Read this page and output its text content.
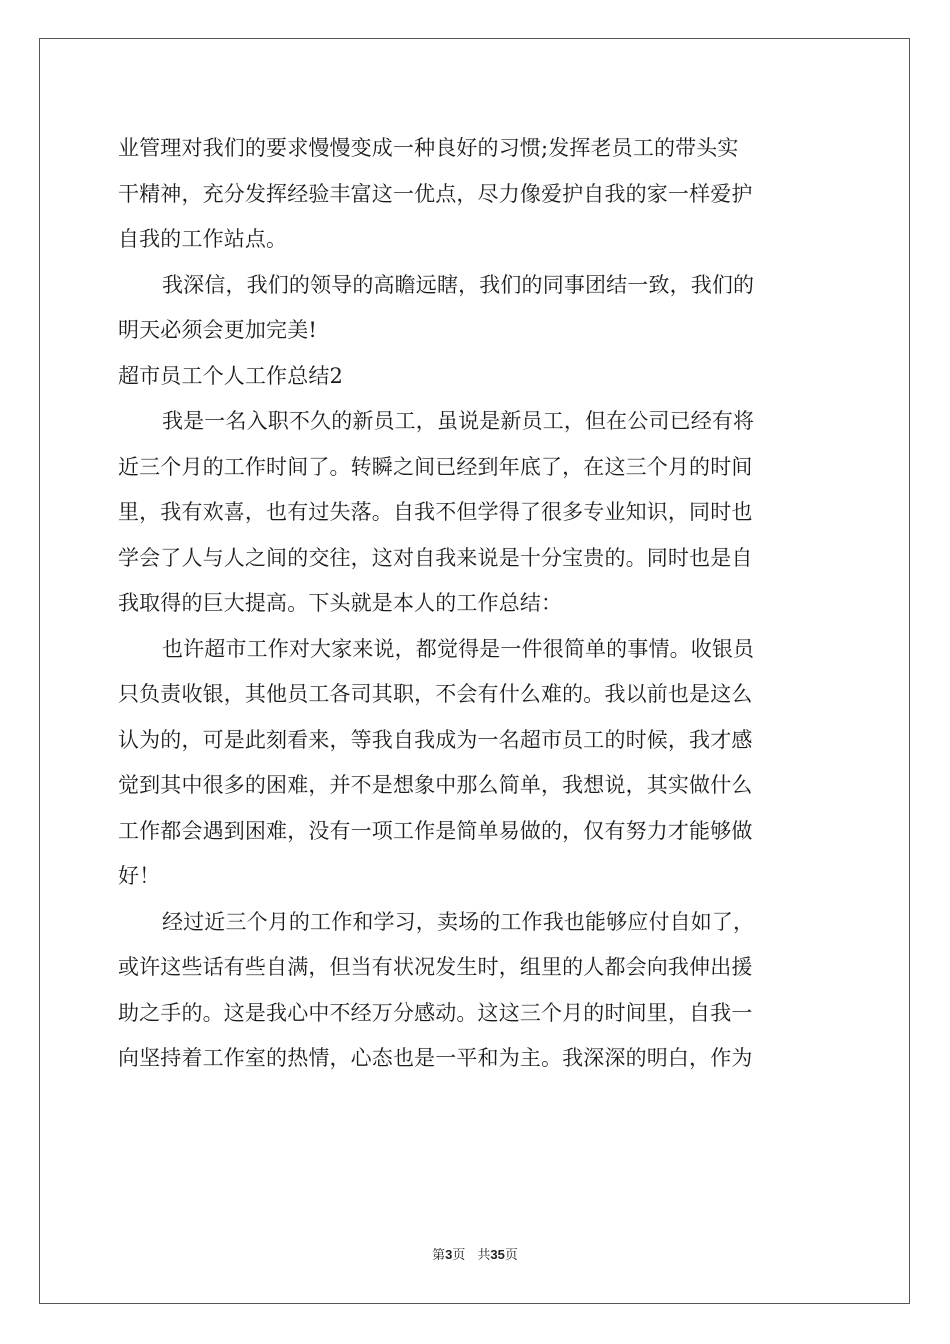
业管理对我们的要求慢慢变成一种良好的习惯;发挥老员工的带头实
干精神，充分发挥经验丰富这一优点，尽力像爱护自我的家一样爱护
自我的工作站点。
我深信，我们的领导的高瞻远瞎，我们的同事团结一致，我们的
明天必须会更加完美!
超市员工个人工作总结2
我是一名入职不久的新员工，虽说是新员工，但在公司已经有将
近三个月的工作时间了。转瞬之间已经到年底了，在这三个月的时间
里，我有欢喜，也有过失落。自我不但学得了很多专业知识，同时也
学会了人与人之间的交往，这对自我来说是十分宝贵的。同时也是自
我取得的巨大提高。下头就是本人的工作总结：
也许超市工作对大家来说，都觉得是一件很简单的事情。收银员
只负责收银，其他员工各司其职，不会有什么难的。我以前也是这么
认为的，可是此刻看来，等我自我成为一名超市员工的时候，我才感
觉到其中很多的困难，并不是想象中那么简单，我想说，其实做什么
工作都会遇到困难，没有一项工作是简单易做的，仅有努力才能够做
好！
经过近三个月的工作和学习，卖场的工作我也能够应付自如了，
或许这些话有些自满，但当有状况发生时，组里的人都会向我伸出援
助之手的。这是我心中不经万分感动。这这三个月的时间里，自我一
向坚持着工作室的热情，心态也是一平和为主。我深深的明白，作为
第3页 共35页
